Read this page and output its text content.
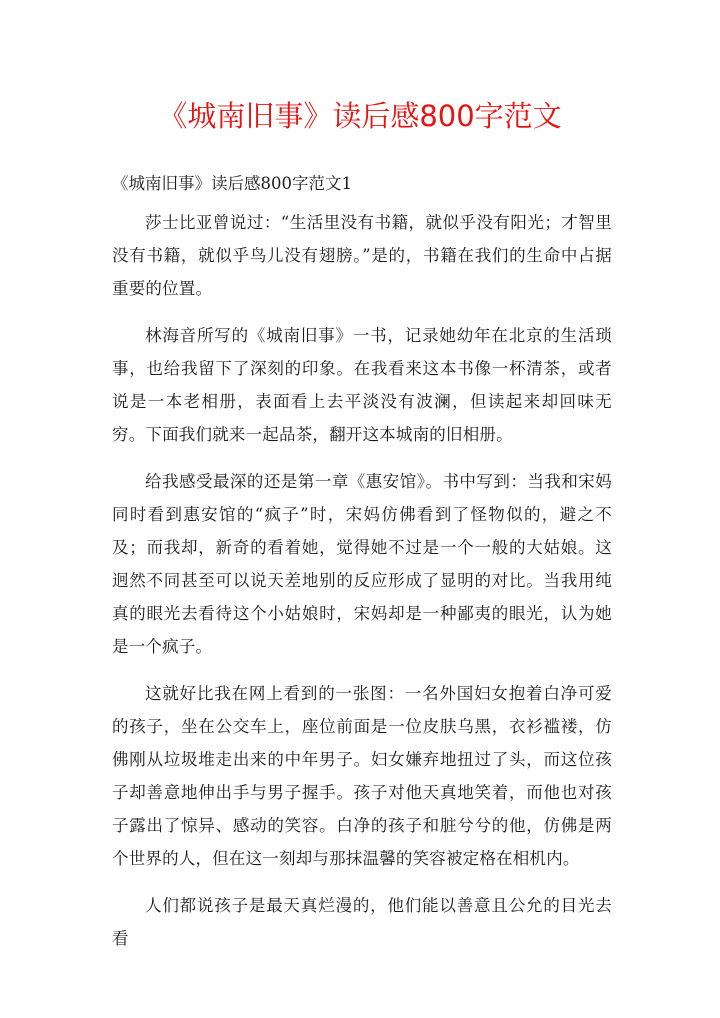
《城南旧事》读后感800字范文

《城南旧事》读后感800字范文1

莎士比亚曾说过：“生活里没有书籍，就似乎没有阳光；才智里没有书籍，就似乎鸟儿没有翅膀。”是的，书籍在我们的生命中占据重要的位置。

林海音所写的《城南旧事》一书，记录她幼年在北京的生活琐事，也给我留下了深刻的印象。在我看来这本书像一杯清茶，或者说是一本老相册，表面看上去平淡没有波澜，但读起来却回味无穷。下面我们就来一起品茶，翻开这本城南的旧相册。

给我感受最深的还是第一章《惠安馆》。书中写到：当我和宋妈同时看到惠安馆的“疯子”时，宋妈仿佛看到了怪物似的，避之不及；而我却，新奇的看着她，觉得她不过是一个一般的大姑娘。这迥然不同甚至可以说天差地别的反应形成了显明的对比。当我用纯真的眼光去看待这个小姑娘时，宋妈却是一种鄙夷的眼光，认为她是一个疯子。

这就好比我在网上看到的一张图：一名外国妇女抱着白净可爱的孩子，坐在公交车上，座位前面是一位皮肤乌黑，衣衫褴褛，仿佛刚从垃圾堆走出来的中年男子。妇女嫌弃地扭过了头，而这位孩子却善意地伸出手与男子握手。孩子对他天真地笑着，而他也对孩子露出了惊异、感动的笑容。白净的孩子和脏兮兮的他，仿佛是两个世界的人，但在这一刻却与那抹温馨的笑容被定格在相机内。

人们都说孩子是最天真烂漫的，他们能以善意且公允的目光去看
